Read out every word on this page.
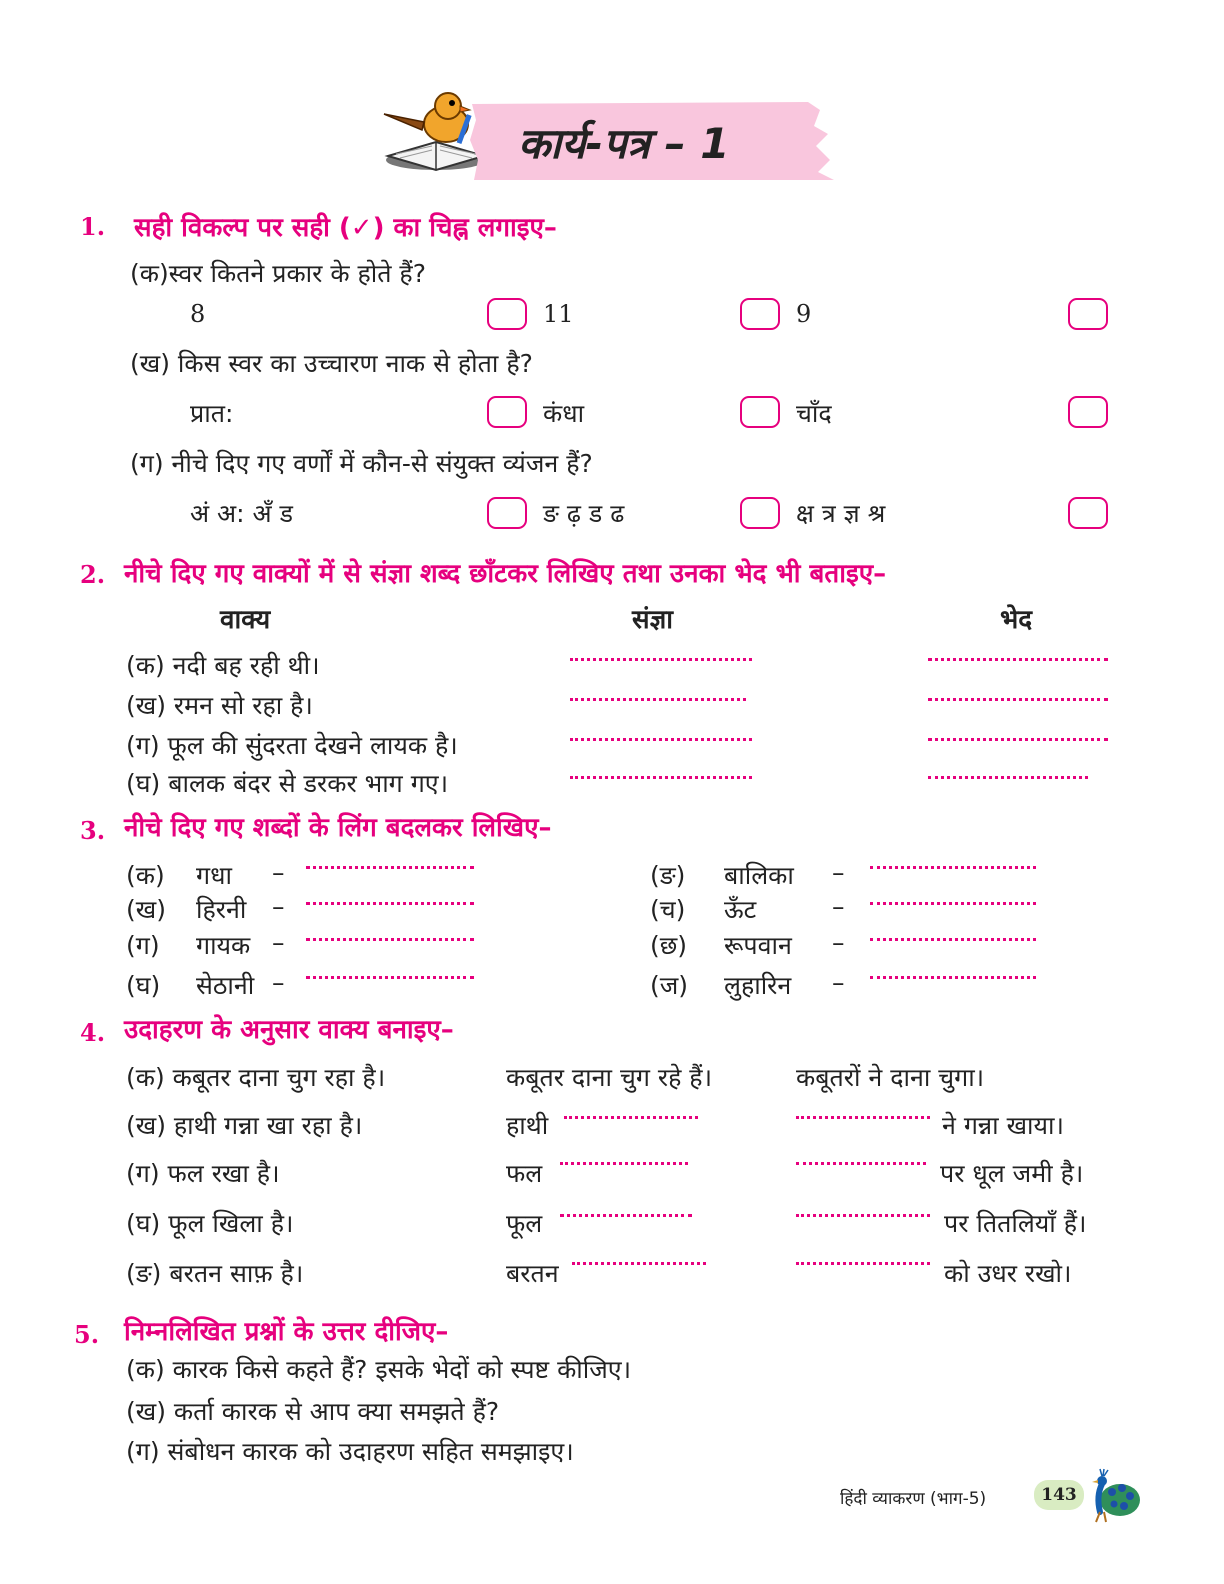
कार्य-पत्र – 1
1. सही विकल्प पर सही (✓) का चिह्न लगाइए–
(क)स्वर कितने प्रकार के होते हैं?
8	11	9
(ख) किस स्वर का उच्चारण नाक से होता है?
प्रात:	कंधा	चाँद
(ग) नीचे दिए गए वर्णों में कौन-से संयुक्त व्यंजन हैं?
अं अ: अँ ड	ङ ढ़ ड ढ	क्ष त्र ज्ञ श्र
2. नीचे दिए गए वाक्यों में से संज्ञा शब्द छाँटकर लिखिए तथा उनका भेद भी बताइए–
वाक्य	संज्ञा	भेद
(क) नदी बह रही थी।
(ख) रमन सो रहा है।
(ग) फूल की सुंदरता देखने लायक है।
(घ) बालक बंदर से डरकर भाग गए।
3. नीचे दिए गए शब्दों के लिंग बदलकर लिखिए–
(क) गधा –
(ख) हिरनी –
(ग) गायक –
(घ) सेठानी –
(ङ) बालिका –
(च) ऊँट	–
(छ) रूपवान –
(ज) लुहारिन –
4. उदाहरण के अनुसार वाक्य बनाइए–
(क) कबूतर दाना चुग रहा है।	कबूतर दाना चुग रहे हैं।	कबूतरों ने दाना चुगा।
(ख) हाथी गन्ना खा रहा है।	हाथी	ने गन्ना खाया।
(ग) फल रखा है।	फल	पर धूल जमी है।
(घ) फूल खिला है।	फूल	पर तितलियाँ हैं।
(ङ) बरतन साफ़ है।	बरतन	को उधर रखो।
5. निम्नलिखित प्रश्नों के उत्तर दीजिए–
(क) कारक किसे कहते हैं? इसके भेदों को स्पष्ट कीजिए।
(ख) कर्ता कारक से आप क्या समझते हैं?
(ग) संबोधन कारक को उदाहरण सहित समझाइए।
हिंदी व्याकरण (भाग-5)	143
